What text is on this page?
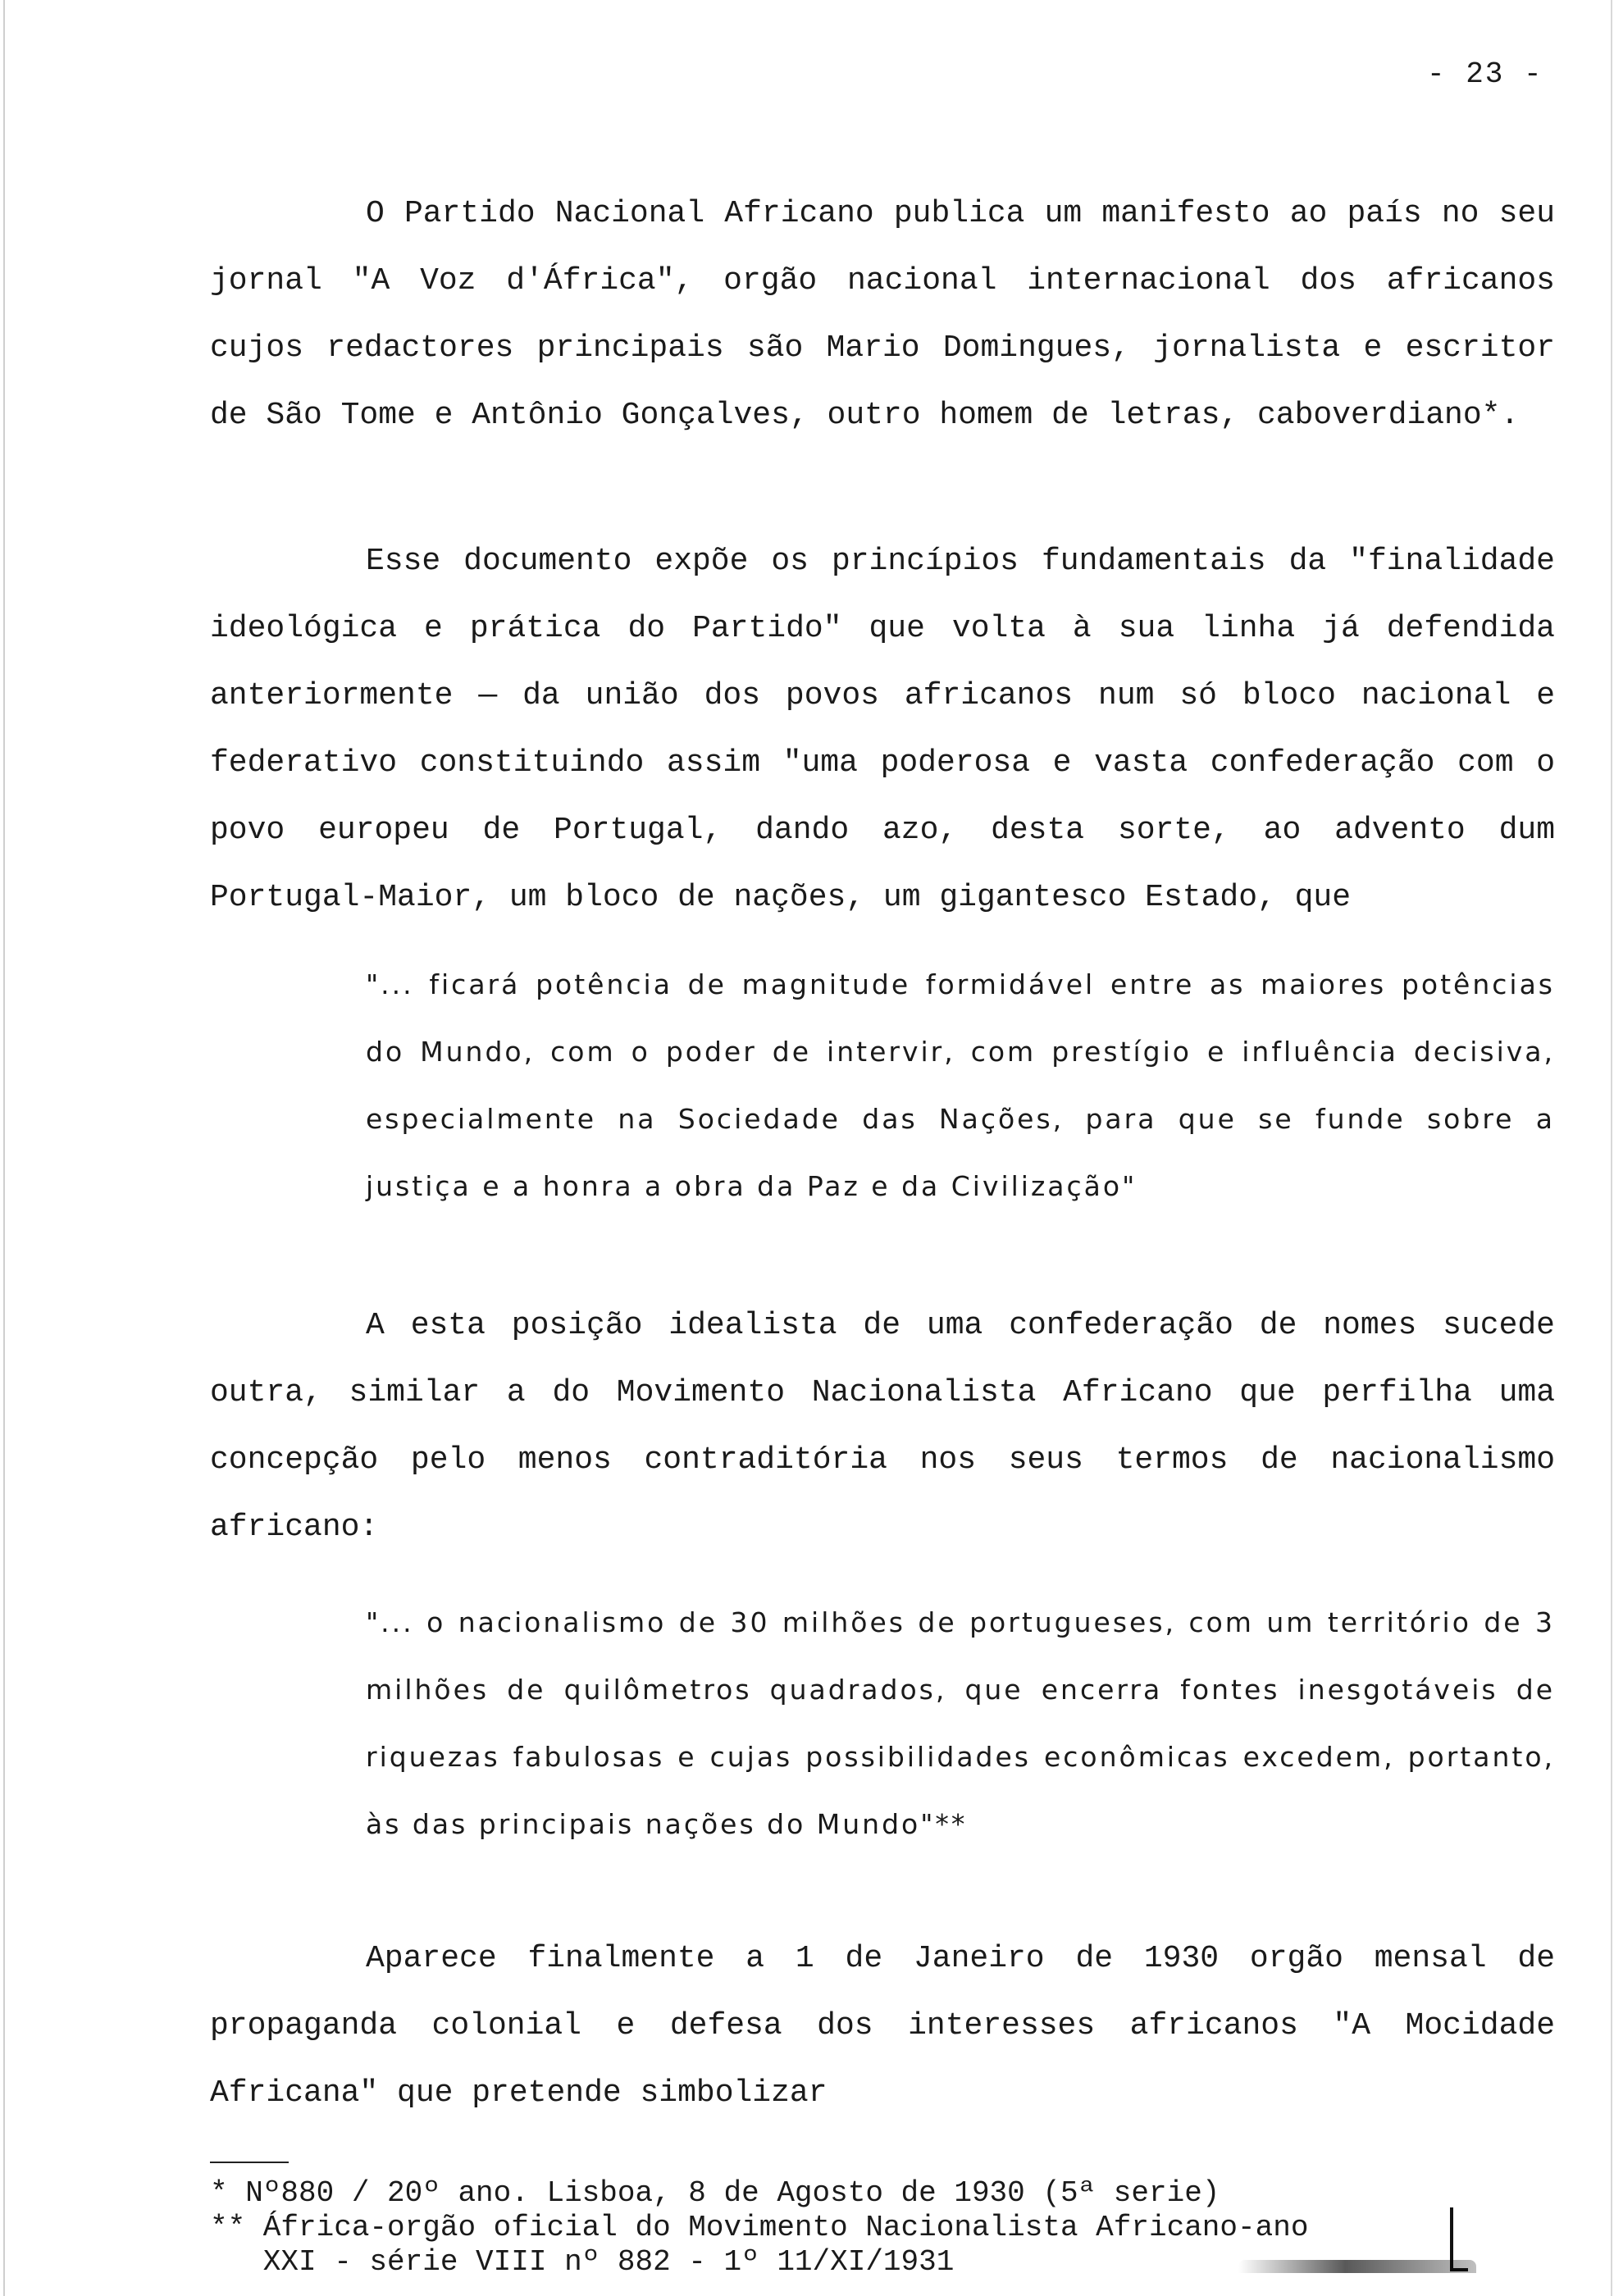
- 23 -

O Partido Nacional Africano publica um manifesto ao país no seu jornal "A Voz d'África", orgão nacional internacional dos africanos cujos redactores principais são Mario Domingues, jornalista e escritor de São Tome e Antônio Gonçalves, outro homem de letras, caboverdiano*.

Esse documento expõe os princípios fundamentais da "finalidade ideológica e prática do Partido" que volta à sua linha já defendida anteriormente — da união dos povos africanos num só bloco nacional e federativo constituindo assim "uma poderosa e vasta confederação com o povo europeu de Portugal, dando azo, desta sorte, ao advento dum Portugal-Maior, um bloco de nações, um gigantesco Estado, que

"... ficará potência de magnitude formidável entre as maiores potências do Mundo, com o poder de intervir, com prestígio e influência decisiva, especialmente na Sociedade das Nações, para que se funde sobre a justiça e a honra a obra da Paz e da Civilização"

A esta posição idealista de uma confederação de nomes sucede outra, similar a do Movimento Nacionalista Africano que perfilha uma concepção pelo menos contraditória nos seus termos de nacionalismo africano:

"... o nacionalismo de 30 milhões de portugueses, com um território de 3 milhões de quilômetros quadrados, que encerra fontes inesgotáveis de riquezas fabulosas e cujas possibilidades econômicas excedem, portanto, às das principais nações do Mundo"**

Aparece finalmente a 1 de Janeiro de 1930 orgão mensal de propaganda colonial e defesa dos interesses africanos "A Mocidade Africana" que pretende simbolizar

* Nº880 / 20º ano. Lisboa, 8 de Agosto de 1930 (5ª serie)
** África-orgão oficial do Movimento Nacionalista Africano-ano
XXI - série VIII nº 882 - 1º 11/XI/1931
